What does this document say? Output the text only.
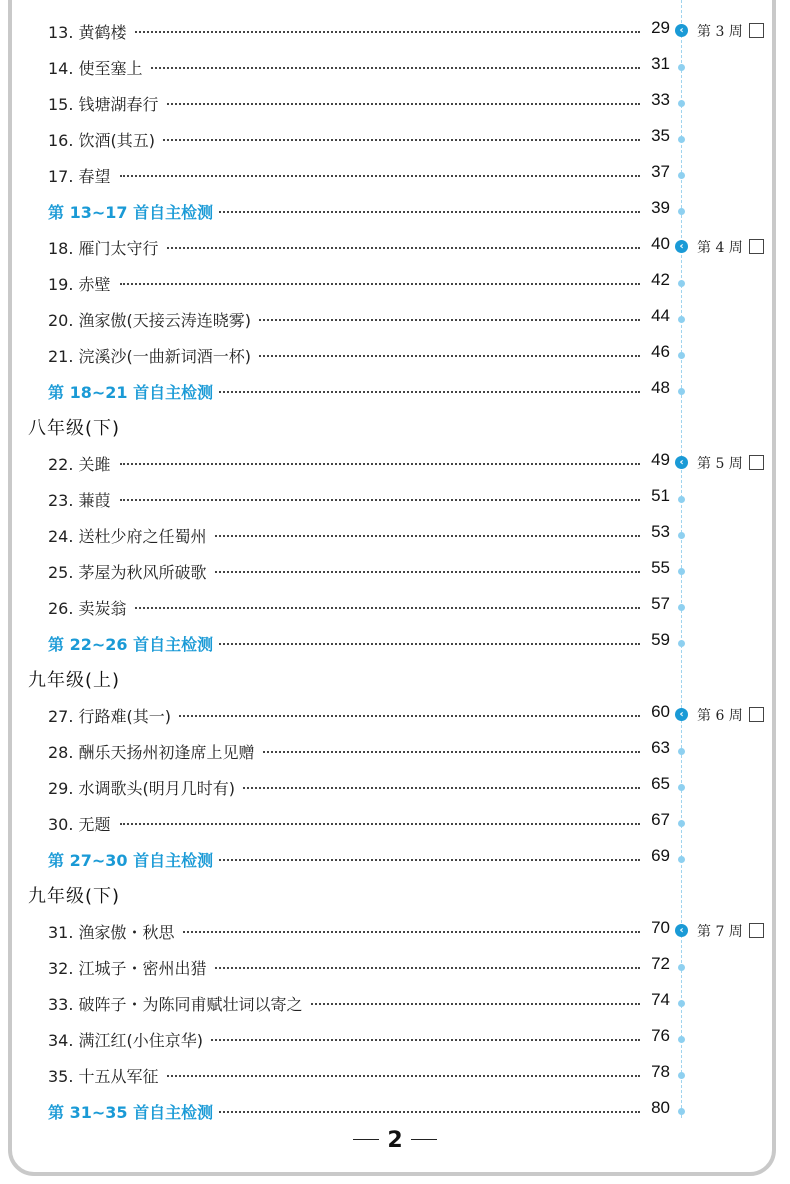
13. 黄鹤楼	29 ‹ 第 3 周
14. 使至塞上	31
15. 钱塘湖春行	33
16. 饮酒(其五)	35
17. 春望	37
第 13~17 首自主检测	39
18. 雁门太守行	40 ‹ 第 4 周
19. 赤壁	42
20. 渔家傲(天接云涛连晓雾)	44
21. 浣溪沙(一曲新词酒一杯)	46
第 18~21 首自主检测	48
八年级(下)
22. 关雎	49 ‹ 第 5 周
23. 蒹葭	51
24. 送杜少府之任蜀州	53
25. 茅屋为秋风所破歌	55
26. 卖炭翁	57
第 22~26 首自主检测	59
九年级(上)
27. 行路难(其一)	60 ‹ 第 6 周
28. 酬乐天扬州初逢席上见赠	63
29. 水调歌头(明月几时有)	65
30. 无题	67
第 27~30 首自主检测	69
九年级(下)
31. 渔家傲・秋思	70 ‹ 第 7 周
32. 江城子・密州出猎	72
33. 破阵子・为陈同甫赋壮词以寄之	74
34. 满江红(小住京华)	76
35. 十五从军征	78
第 31~35 首自主检测	80
2
